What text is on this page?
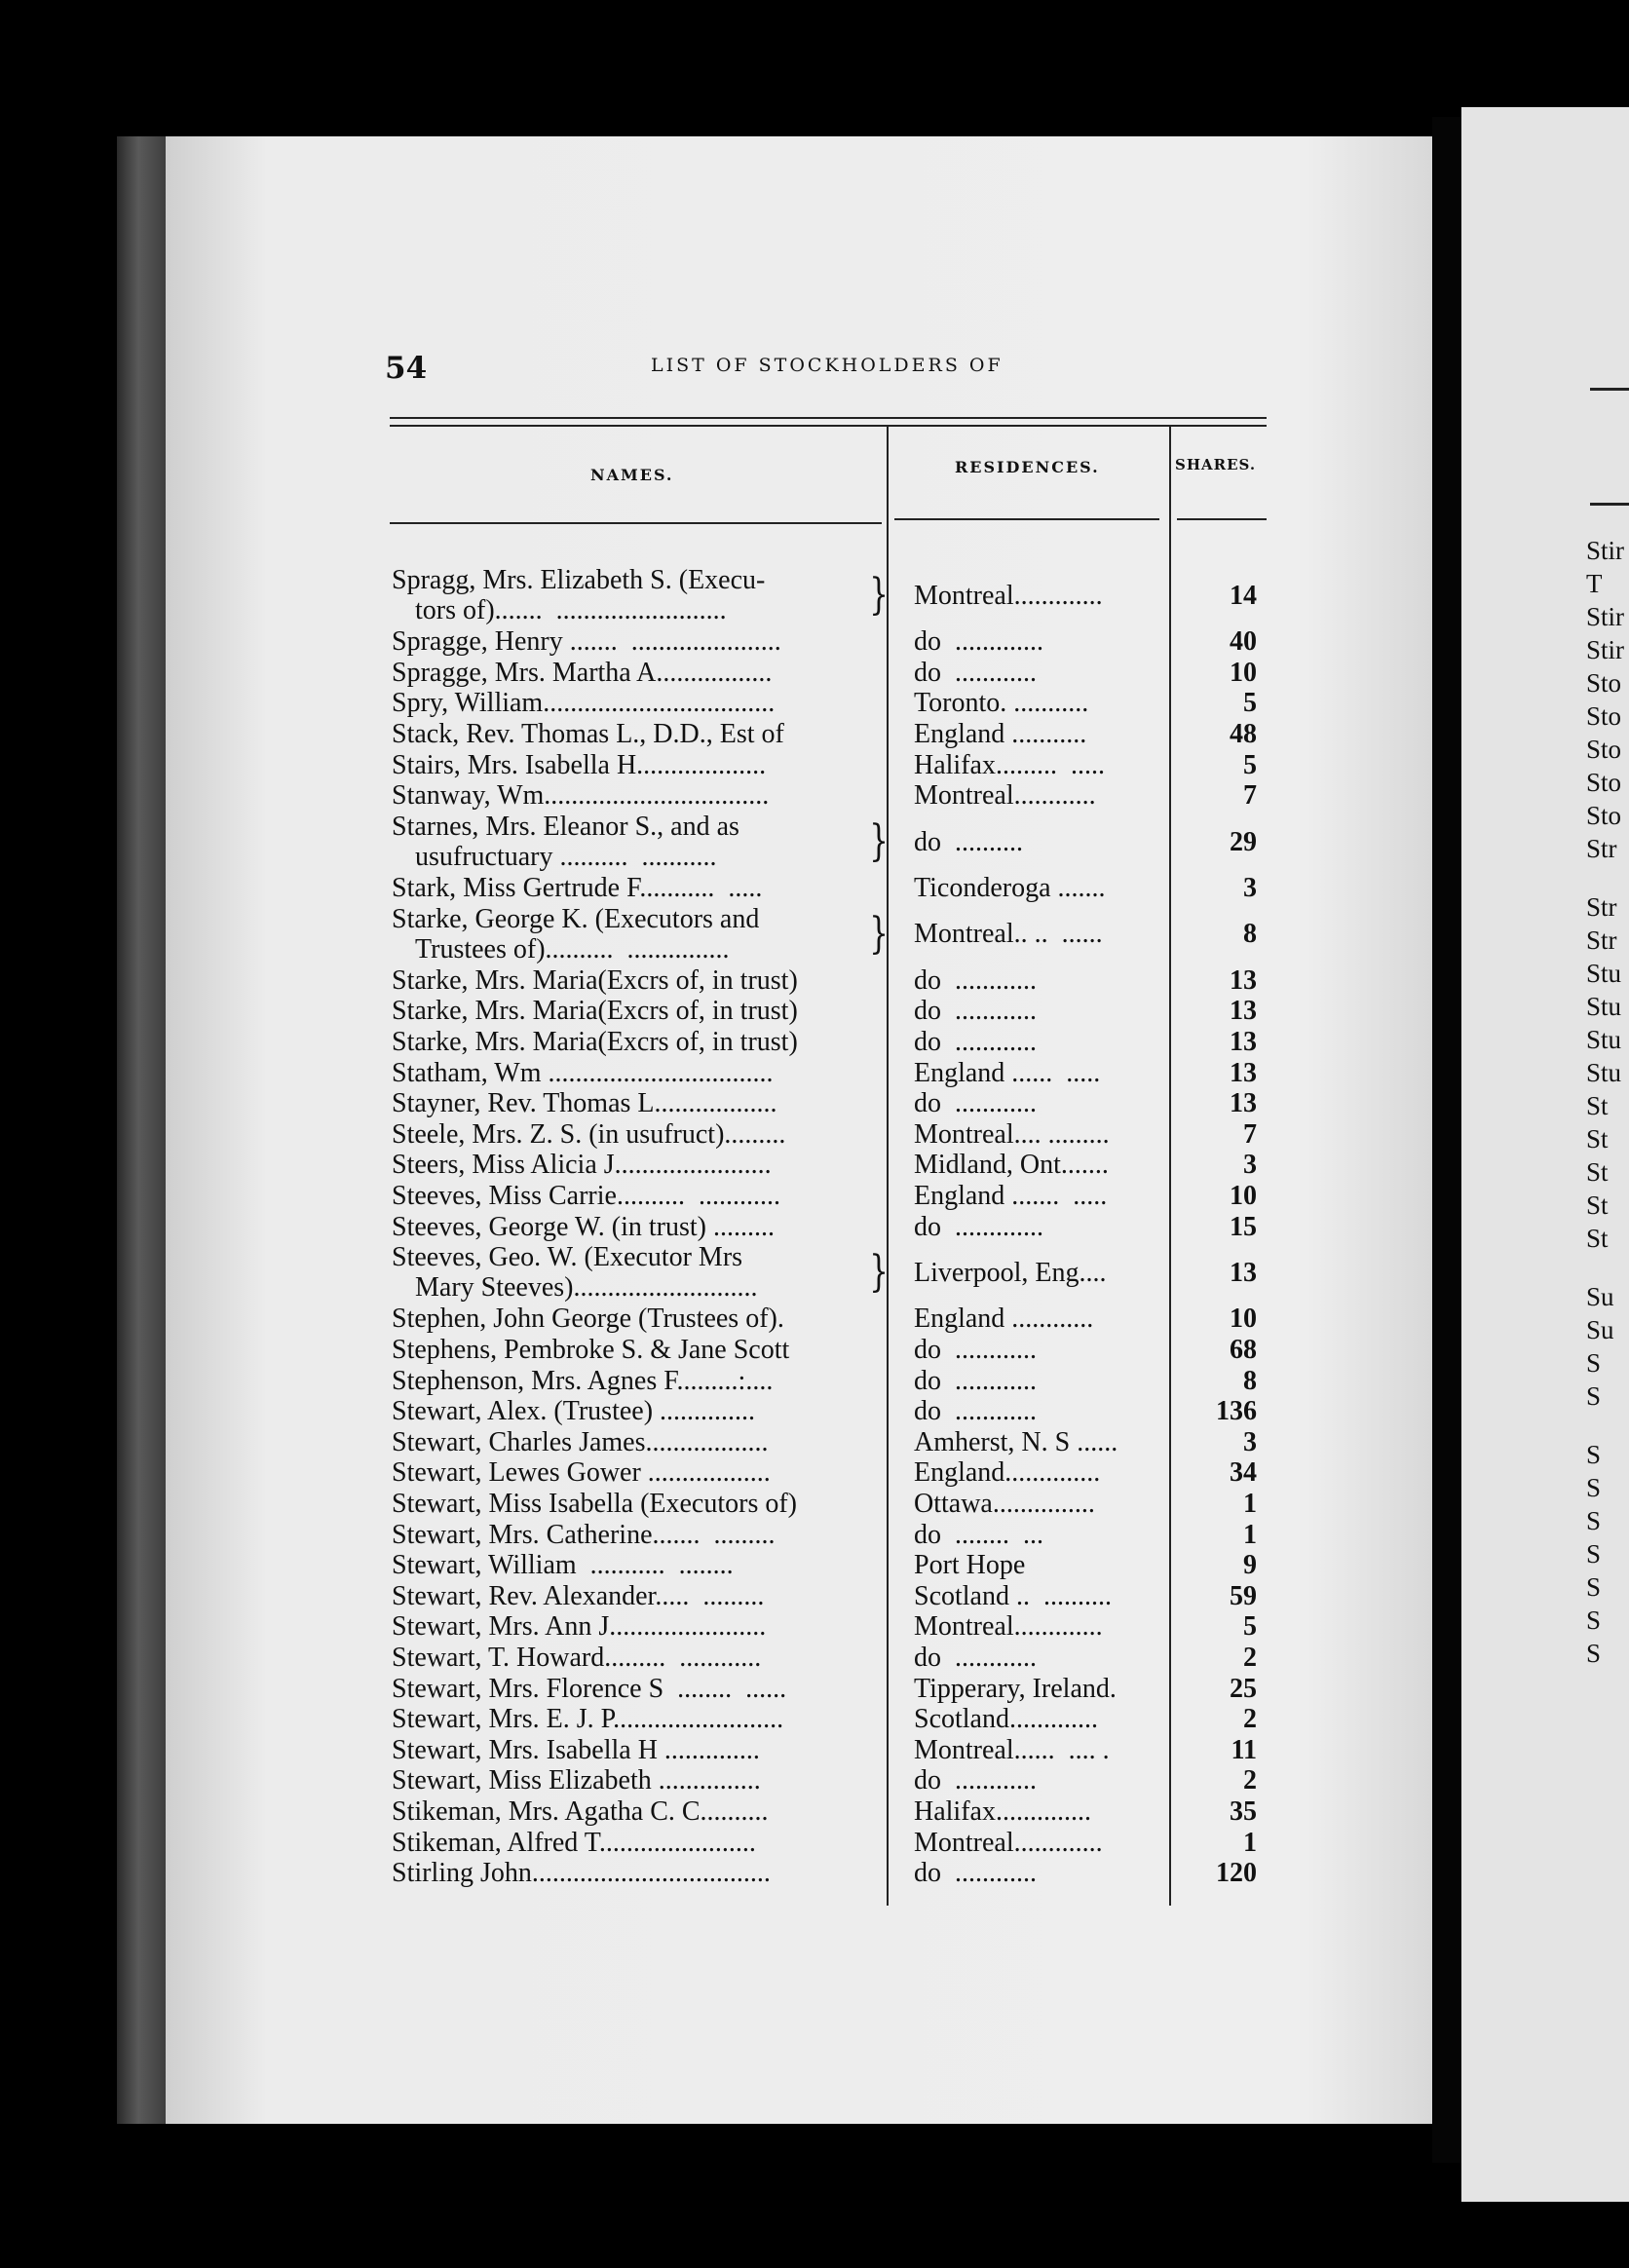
54	LIST OF STOCKHOLDERS OF
NAMES.	RESIDENCES.	SHARES.
}
Spragg, Mrs. Elizabeth S. (Execu-
tors of).......  .........................	Montreal.............	14
Spragge, Henry .......  ......................	do  .............	40
Spragge, Mrs. Martha A.................	do  ............	10
Spry, William..................................	Toronto. ...........	5
Stack, Rev. Thomas L., D.D., Est of	England ...........	48
Stairs, Mrs. Isabella H...................	Halifax.........  .....	5
Stanway, Wm.................................	Montreal............	7
}
Starnes, Mrs. Eleanor S., and as
usufructuary ..........  ...........	do  ..........	29
Stark, Miss Gertrude F...........  .....	Ticonderoga .......	3
}
Starke, George K. (Executors and
Trustees of)..........  ...............	Montreal.. ..  ......	8
Starke, Mrs. Maria(Excrs of, in trust)	do  ............	13
Starke, Mrs. Maria(Excrs of, in trust)	do  ............	13
Starke, Mrs. Maria(Excrs of, in trust)	do  ............	13
Statham, Wm .................................	England ......  .....	13
Stayner, Rev. Thomas L..................	do  ............	13
Steele, Mrs. Z. S. (in usufruct).........	Montreal.... .........	7
Steers, Miss Alicia J.......................	Midland, Ont.......	3
Steeves, Miss Carrie..........  ............	England .......  .....	10
Steeves, George W. (in trust) .........	do  .............	15
}
Steeves, Geo. W. (Executor Mrs
Mary Steeves)...........................	Liverpool, Eng....	13
Stephen, John George (Trustees of).	England ............	10
Stephens, Pembroke S. & Jane Scott	do  ............	68
Stephenson, Mrs. Agnes F.........:....	do  ............	8
Stewart, Alex. (Trustee) ..............	do  ............	136
Stewart, Charles James..................	Amherst, N. S ......	3
Stewart, Lewes Gower ..................	England..............	34
Stewart, Miss Isabella (Executors of)	Ottawa...............	1
Stewart, Mrs. Catherine.......  .........	do  ........  ...	1
Stewart, William  ...........  ........	Port Hope	9
Stewart, Rev. Alexander.....  .........	Scotland ..  ..........	59
Stewart, Mrs. Ann J.......................	Montreal.............	5
Stewart, T. Howard.........  ............	do  ............	2
Stewart, Mrs. Florence S  ........  ......	Tipperary, Ireland.	25
Stewart, Mrs. E. J. P.........................	Scotland.............	2
Stewart, Mrs. Isabella H ..............	Montreal......  .... .	11
Stewart, Miss Elizabeth ...............	do  ............	2
Stikeman, Mrs. Agatha C. C..........	Halifax..............	35
Stikeman, Alfred T.......................	Montreal.............	1
Stirling John...................................	do  ............	120
Stir
T
Stir
Stir
Sto
Sto
Sto
Sto
Sto
Str
Str
Str
Stu
Stu
Stu
Stu
St
St
St
St
St
Su
Su
S
S
S
S
S
S
S
S
S
